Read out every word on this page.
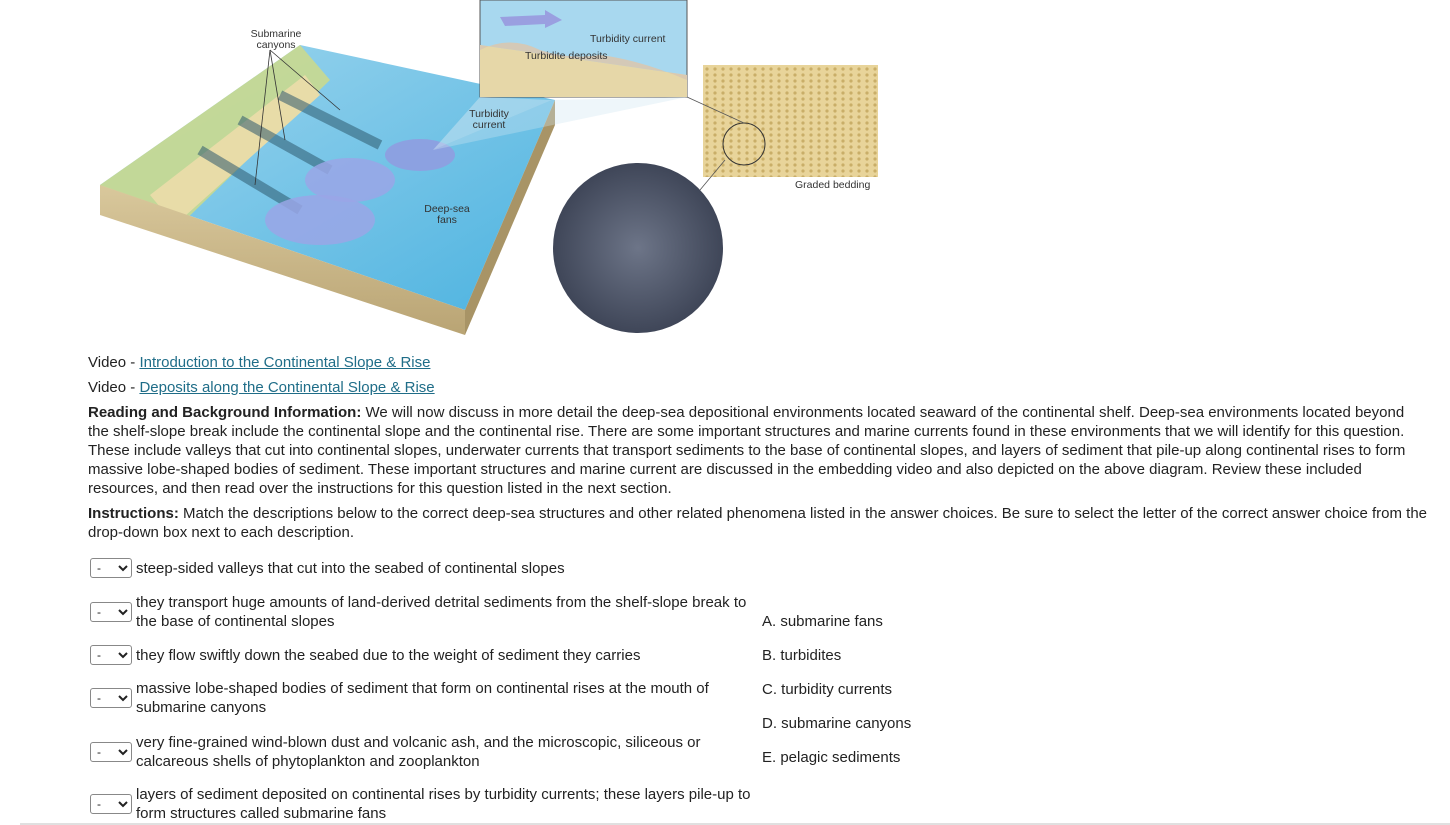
Submarine
canyons	Turbidity current
Turbidite deposits
Turbidity
current
Deep-sea
fans
Graded bedding
Video - Introduction to the Continental Slope & Rise
Video - Deposits along the Continental Slope & Rise

Reading and Background Information: We will now discuss in more detail the deep-sea depositional environments located seaward of the continental shelf. Deep-sea environments located beyond the shelf-slope break include the continental slope and the continental rise. There are some important structures and marine currents found in these environments that we will identify for this question. These include valleys that cut into continental slopes, underwater currents that transport sediments to the base of continental slopes, and layers of sediment that pile-up along continental rises to form massive lobe-shaped bodies of sediment. These important structures and marine current are discussed in the embedding video and also depicted on the above diagram. Review these included resources, and then read over the instructions for this question listed in the next section.

Instructions: Match the descriptions below to the correct deep-sea structures and other related phenomena listed in the answer choices. Be sure to select the letter of the correct answer choice from the drop-down box next to each description.

-
steep-sided valleys that cut into the seabed of continental slopes
-
they transport huge amounts of land-derived detrital sediments from the shelf-slope break to the base of continental slopes
-
they flow swiftly down the seabed due to the weight of sediment they carries
-
massive lobe-shaped bodies of sediment that form on continental rises at the mouth of submarine canyons
-
very fine-grained wind-blown dust and volcanic ash, and the microscopic, siliceous or calcareous shells of phytoplankton and zooplankton
-
layers of sediment deposited on continental rises by turbidity currents; these layers pile-up to form structures called submarine fans
A. submarine fans
B. turbidites
C. turbidity currents
D. submarine canyons
E. pelagic sediments
